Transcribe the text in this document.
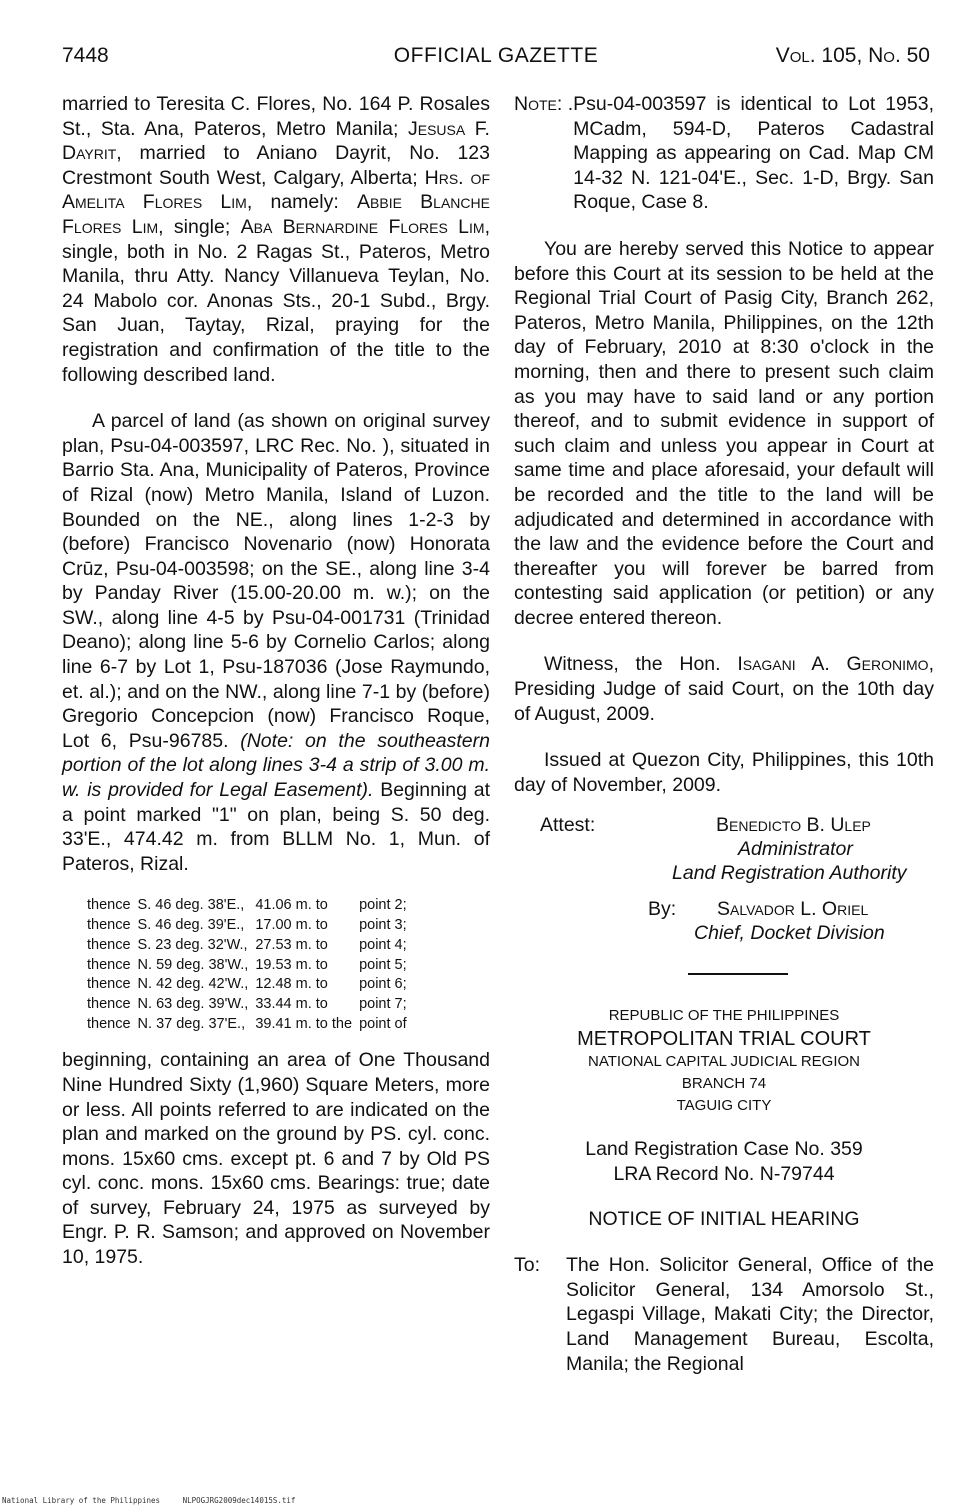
7448	OFFICIAL GAZETTE	Vol. 105, No. 50

married to Teresita C. Flores, No. 164 P. Rosales St., Sta. Ana, Pateros, Metro Manila; Jesusa F. Dayrit, married to Aniano Dayrit, No. 123 Crestmont South West, Calgary, Alberta; Hrs. of Amelita Flores Lim, namely: Abbie Blanche Flores Lim, single; Aba Bernardine Flores Lim, single, both in No. 2 Ragas St., Pateros, Metro Manila, thru Atty. Nancy Villanueva Teylan, No. 24 Mabolo cor. Anonas Sts., 20-1 Subd., Brgy. San Juan, Taytay, Rizal, praying for the registration and confirmation of the title to the following described land.

A parcel of land (as shown on original survey plan, Psu-04-003597, LRC Rec. No. ), situated in Barrio Sta. Ana, Municipality of Pateros, Province of Rizal (now) Metro Manila, Island of Luzon. Bounded on the NE., along lines 1-2-3 by (before) Francisco Novenario (now) Honorata Crūz, Psu-04-003598; on the SE., along line 3-4 by Panday River (15.00-20.00 m. w.); on the SW., along line 4-5 by Psu-04-001731 (Trinidad Deano); along line 5-6 by Cornelio Carlos; along line 6-7 by Lot 1, Psu-187036 (Jose Raymundo, et. al.); and on the NW., along line 7-1 by (before) Gregorio Concepcion (now) Francisco Roque, Lot 6, Psu-96785. (Note: on the southeastern portion of the lot along lines 3-4 a strip of 3.00 m. w. is provided for Legal Easement). Beginning at a point marked "1" on plan, being S. 50 deg. 33'E., 474.42 m. from BLLM No. 1, Mun. of Pateros, Rizal.

thence	S. 46 deg. 38'E.,	41.06 m. to	point 2;
thence	S. 46 deg. 39'E.,	17.00 m. to	point 3;
thence	S. 23 deg. 32'W.,	27.53 m. to	point 4;
thence	N. 59 deg. 38'W.,	19.53 m. to	point 5;
thence	N. 42 deg. 42'W.,	12.48 m. to	point 6;
thence	N. 63 deg. 39'W.,	33.44 m. to	point 7;
thence	N. 37 deg. 37'E.,	39.41 m. to the	point of

beginning, containing an area of One Thousand Nine Hundred Sixty (1,960) Square Meters, more or less. All points referred to are indicated on the plan and marked on the ground by PS. cyl. conc. mons. 15x60 cms. except pt. 6 and 7 by Old PS cyl. conc. mons. 15x60 cms. Bearings: true; date of survey, February 24, 1975 as surveyed by Engr. P. R. Samson; and approved on November 10, 1975.

Note: . Psu-04-003597 is identical to Lot 1953, MCadm, 594-D, Pateros Cadastral Mapping as appearing on Cad. Map CM 14-32 N. 121-04'E., Sec. 1-D, Brgy. San Roque, Case 8.

You are hereby served this Notice to appear before this Court at its session to be held at the Regional Trial Court of Pasig City, Branch 262, Pateros, Metro Manila, Philippines, on the 12th day of February, 2010 at 8:30 o'clock in the morning, then and there to present such claim as you may have to said land or any portion thereof, and to submit evidence in support of such claim and unless you appear in Court at same time and place aforesaid, your default will be recorded and the title to the land will be adjudicated and determined in accordance with the law and the evidence before the Court and thereafter you will forever be barred from contesting said application (or petition) or any decree entered thereon.

Witness, the Hon. Isagani A. Geronimo, Presiding Judge of said Court, on the 10th day of August, 2009.

Issued at Quezon City, Philippines, this 10th day of November, 2009.

Attest:	Benedicto B. Ulep
Administrator
Land Registration Authority
By: Salvador L. Oriel
Chief, Docket Division
REPUBLIC OF THE PHILIPPINES
METROPOLITAN TRIAL COURT
NATIONAL CAPITAL JUDICIAL REGION
BRANCH 74
TAGUIG CITY
Land Registration Case No. 359
LRA Record No. N-79744
NOTICE OF INITIAL HEARING
To:	The Hon. Solicitor General, Office of the Solicitor General, 134 Amorsolo St., Legaspi Village, Makati City; the Director, Land Management Bureau, Escolta, Manila; the Regional
National Library of the Philippines	NLPOGJRG2009dec14015S.tif
